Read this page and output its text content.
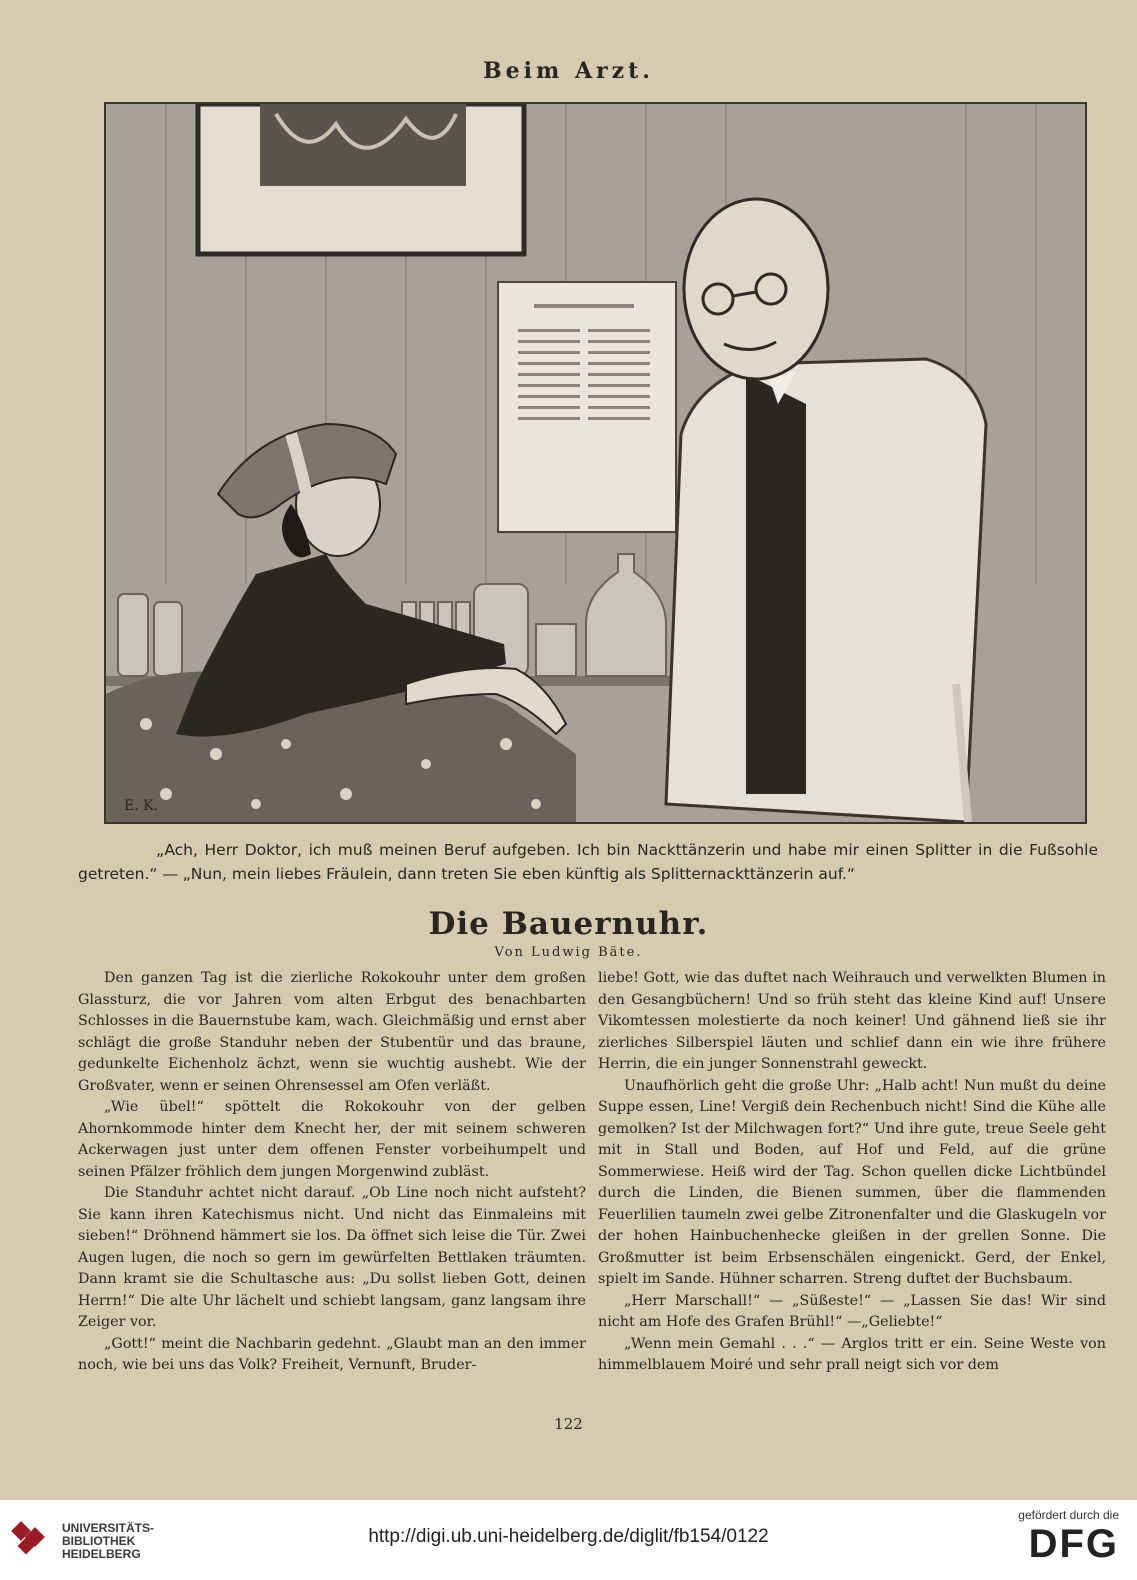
Beim Arzt.
E. K.
„Ach, Herr Doktor, ich muß meinen Beruf aufgeben. Ich bin Nackttänzerin und habe mir einen Splitter in die Fußsohle getreten.“ — „Nun, mein liebes Fräulein, dann treten Sie eben künftig als Splitternackttänzerin auf.“
Die Bauernuhr.
Von Ludwig Bäte.

Den ganzen Tag ist die zierliche Rokokouhr unter dem großen Glassturz, die vor Jahren vom alten Erbgut des benachbarten Schlosses in die Bauernstube kam, wach. Gleichmäßig und ernst aber schlägt die große Standuhr neben der Stubentür und das braune, gedunkelte Eichenholz ächzt, wenn sie wuchtig aushebt. Wie der Großvater, wenn er seinen Ohrensessel am Ofen verläßt.

„Wie übel!“ spöttelt die Rokokouhr von der gelben Ahornkommode hinter dem Knecht her, der mit seinem schweren Ackerwagen just unter dem offenen Fenster vorbeihumpelt und seinen Pfälzer fröhlich dem jungen Morgenwind zubläst.

Die Standuhr achtet nicht darauf. „Ob Line noch nicht aufsteht? Sie kann ihren Katechismus nicht. Und nicht das Einmaleins mit sieben!“ Dröhnend hämmert sie los. Da öffnet sich leise die Tür. Zwei Augen lugen, die noch so gern im gewürfelten Bettlaken träumten. Dann kramt sie die Schultasche aus: „Du sollst lieben Gott, deinen Herrn!“ Die alte Uhr lächelt und schiebt langsam, ganz langsam ihre Zeiger vor.

„Gott!“ meint die Nachbarin gedehnt. „Glaubt man an den immer noch, wie bei uns das Volk? Freiheit, Vernunft, Bruder-

liebe! Gott, wie das duftet nach Weihrauch und verwelkten Blumen in den Gesangbüchern! Und so früh steht das kleine Kind auf! Unsere Vikomtessen molestierte da noch keiner! Und gähnend ließ sie ihr zierliches Silberspiel läuten und schlief dann ein wie ihre frühere Herrin, die ein junger Sonnenstrahl geweckt.

Unaufhörlich geht die große Uhr: „Halb acht! Nun mußt du deine Suppe essen, Line! Vergiß dein Rechenbuch nicht! Sind die Kühe alle gemolken? Ist der Milchwagen fort?“ Und ihre gute, treue Seele geht mit in Stall und Boden, auf Hof und Feld, auf die grüne Sommerwiese. Heiß wird der Tag. Schon quellen dicke Lichtbündel durch die Linden, die Bienen summen, über die flammenden Feuerlilien taumeln zwei gelbe Zitronenfalter und die Glaskugeln vor der hohen Hainbuchenhecke gleißen in der grellen Sonne. Die Großmutter ist beim Erbsenschälen eingenickt. Gerd, der Enkel, spielt im Sande. Hühner scharren. Streng duftet der Buchsbaum.

„Herr Marschall!“ — „Süßeste!“ — „Lassen Sie das! Wir sind nicht am Hofe des Grafen Brühl!“ —„Geliebte!“

„Wenn mein Gemahl . . .“ — Arglos tritt er ein. Seine Weste von himmelblauem Moiré und sehr prall neigt sich vor dem

122
UNIVERSITÄTS-
BIBLIOTHEK
HEIDELBERG
http://digi.ub.uni-heidelberg.de/diglit/fb154/0122
gefördert durch die
DFG
